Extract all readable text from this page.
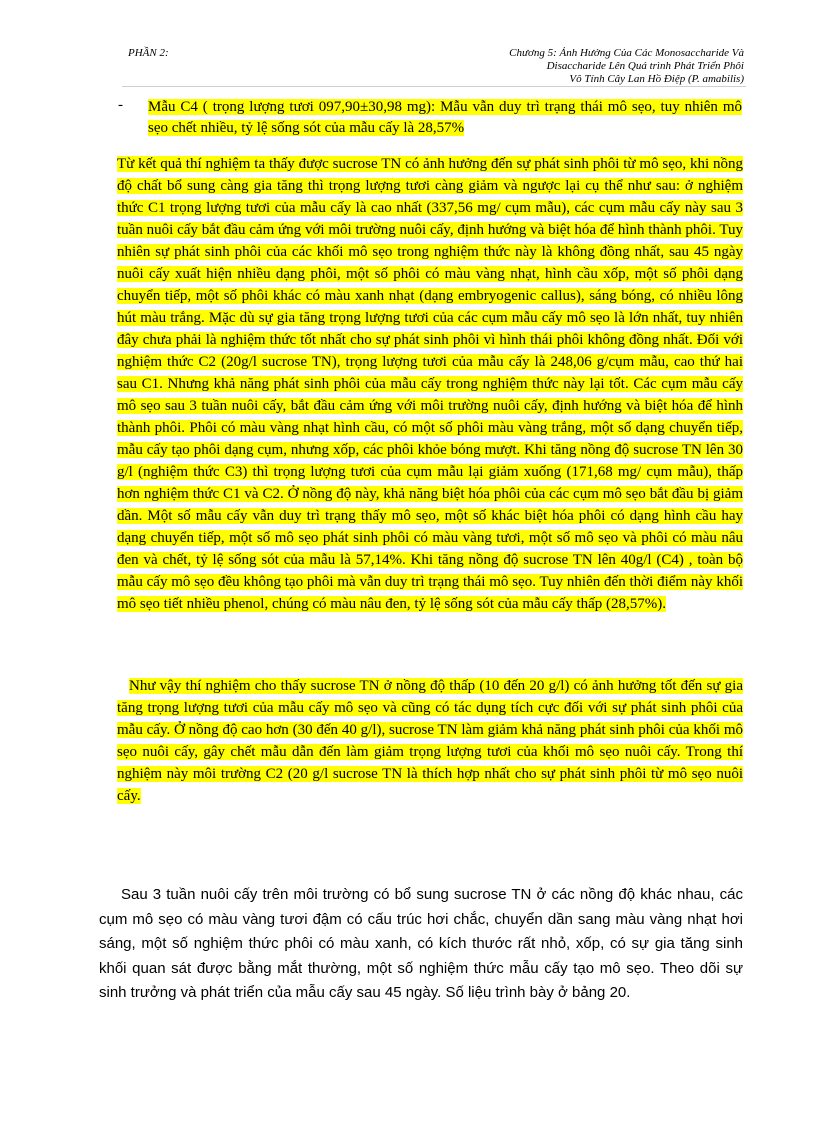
PHẦN 2:	Chương 5: Ảnh Hưởng Của Các Monosaccharide Và
Disaccharide Lên Quá trình Phát Triển Phôi
Vô Tính Cây Lan Hồ Điệp (P. amabilis)
- Mẫu C4 ( trọng lượng tươi 097,90±30,98 mg): Mẫu vẫn duy trì trạng thái mô sẹo, tuy nhiên mô sẹo chết nhiều, tỷ lệ sống sót của mẫu cấy là 28,57%
Từ kết quả thí nghiệm ta thấy được sucrose TN có ảnh hưởng đến sự phát sinh phôi từ mô sẹo, khi nồng độ chất bổ sung càng gia tăng thì trọng lượng tươi càng giảm và ngược lại cụ thể như sau: ở nghiệm thức C1 trọng lượng tươi của mẫu cấy là cao nhất (337,56 mg/ cụm mẫu), các cụm mẫu cấy này sau 3 tuần nuôi cấy bắt đầu cảm ứng với môi trường nuôi cấy, định hướng và biệt hóa để hình thành phôi. Tuy nhiên sự phát sinh phôi của các khối mô sẹo trong nghiệm thức này là không đồng nhất, sau 45 ngày nuôi cấy xuất hiện nhiều dạng phôi, một số phôi có màu vàng nhạt, hình cầu xốp, một số phôi dạng chuyển tiếp, một số phôi khác có màu xanh nhạt (dạng embryogenic callus), sáng bóng, có nhiều lông hút màu trắng. Mặc dù sự gia tăng trọng lượng tươi của các cụm mẫu cấy mô sẹo là lớn nhất, tuy nhiên đây chưa phải là nghiệm thức tốt nhất cho sự phát sinh phôi vì hình thái phôi không đồng nhất. Đối với nghiệm thức C2 (20g/l sucrose TN), trọng lượng tươi của mẫu cấy là 248,06 g/cụm mẫu, cao thứ hai sau C1. Nhưng khả năng phát sinh phôi của mẫu cấy trong nghiệm thức này lại tốt. Các cụm mẫu cấy mô sẹo sau 3 tuần nuôi cấy, bắt đầu cảm ứng với môi trường nuôi cấy, định hướng và biệt hóa để hình thành phôi. Phôi có màu vàng nhạt hình cầu, có một số phôi màu vàng trắng, một số dạng chuyển tiếp, mẫu cấy tạo phôi dạng cụm, nhưng xốp, các phôi khỏe bóng mượt. Khi tăng nồng độ sucrose TN lên 30 g/l (nghiệm thức C3) thì trọng lượng tươi của cụm mẫu lại giảm xuống (171,68 mg/ cụm mẫu), thấp hơn nghiệm thức C1 và C2. Ở nồng độ này, khả năng biệt hóa phôi của các cụm mô sẹo bắt đầu bị giảm dần. Một số mẫu cấy vẫn duy trì trạng thấy mô sẹo, một số khác biệt hóa phôi có dạng hình cầu hay dạng chuyển tiếp, một số mô sẹo phát sinh phôi có màu vàng tươi, một số mô sẹo và phôi có màu nâu đen và chết, tỷ lệ sống sót của mẫu là 57,14%. Khi tăng nồng độ sucrose TN lên 40g/l (C4) , toàn bộ mẫu cấy mô sẹo đều không tạo phôi mà vẫn duy trì trạng thái mô sẹo. Tuy nhiên đến thời điểm này khối mô sẹo tiết nhiều phenol, chúng có màu nâu đen, tỷ lệ sống sót của mẫu cấy thấp (28,57%).
Như vậy thí nghiệm cho thấy sucrose TN ở nồng độ thấp (10 đến 20 g/l) có ảnh hưởng tốt đến sự gia tăng trọng lượng tươi của mẫu cấy mô sẹo và cũng có tác dụng tích cực đối với sự phát sinh phôi của mẫu cấy. Ở nồng độ cao hơn (30 đến 40 g/l), sucrose TN làm giảm khả năng phát sinh phôi của khối mô sẹo nuôi cấy, gây chết mẫu dẫn đến làm giảm trọng lượng tươi của khối mô sẹo nuôi cấy. Trong thí nghiệm này môi trường C2 (20 g/l sucrose TN là thích hợp nhất cho sự phát sinh phôi từ mô sẹo nuôi cấy.
Sau 3 tuần nuôi cấy trên môi trường có bổ sung sucrose TN ở các nồng độ khác nhau, các cụm mô sẹo có màu vàng tươi đậm có cấu trúc hơi chắc, chuyển dần sang màu vàng nhạt hơi sáng, một số nghiệm thức phôi có màu xanh, có kích thước rất nhỏ, xốp, có sự gia tăng sinh khối quan sát được bằng mắt thường, một số nghiệm thức mẫu cấy tạo mô sẹo. Theo dõi sự sinh trưởng và phát triển của mẫu cấy sau 45 ngày. Số liệu trình bày ở bảng 20.
